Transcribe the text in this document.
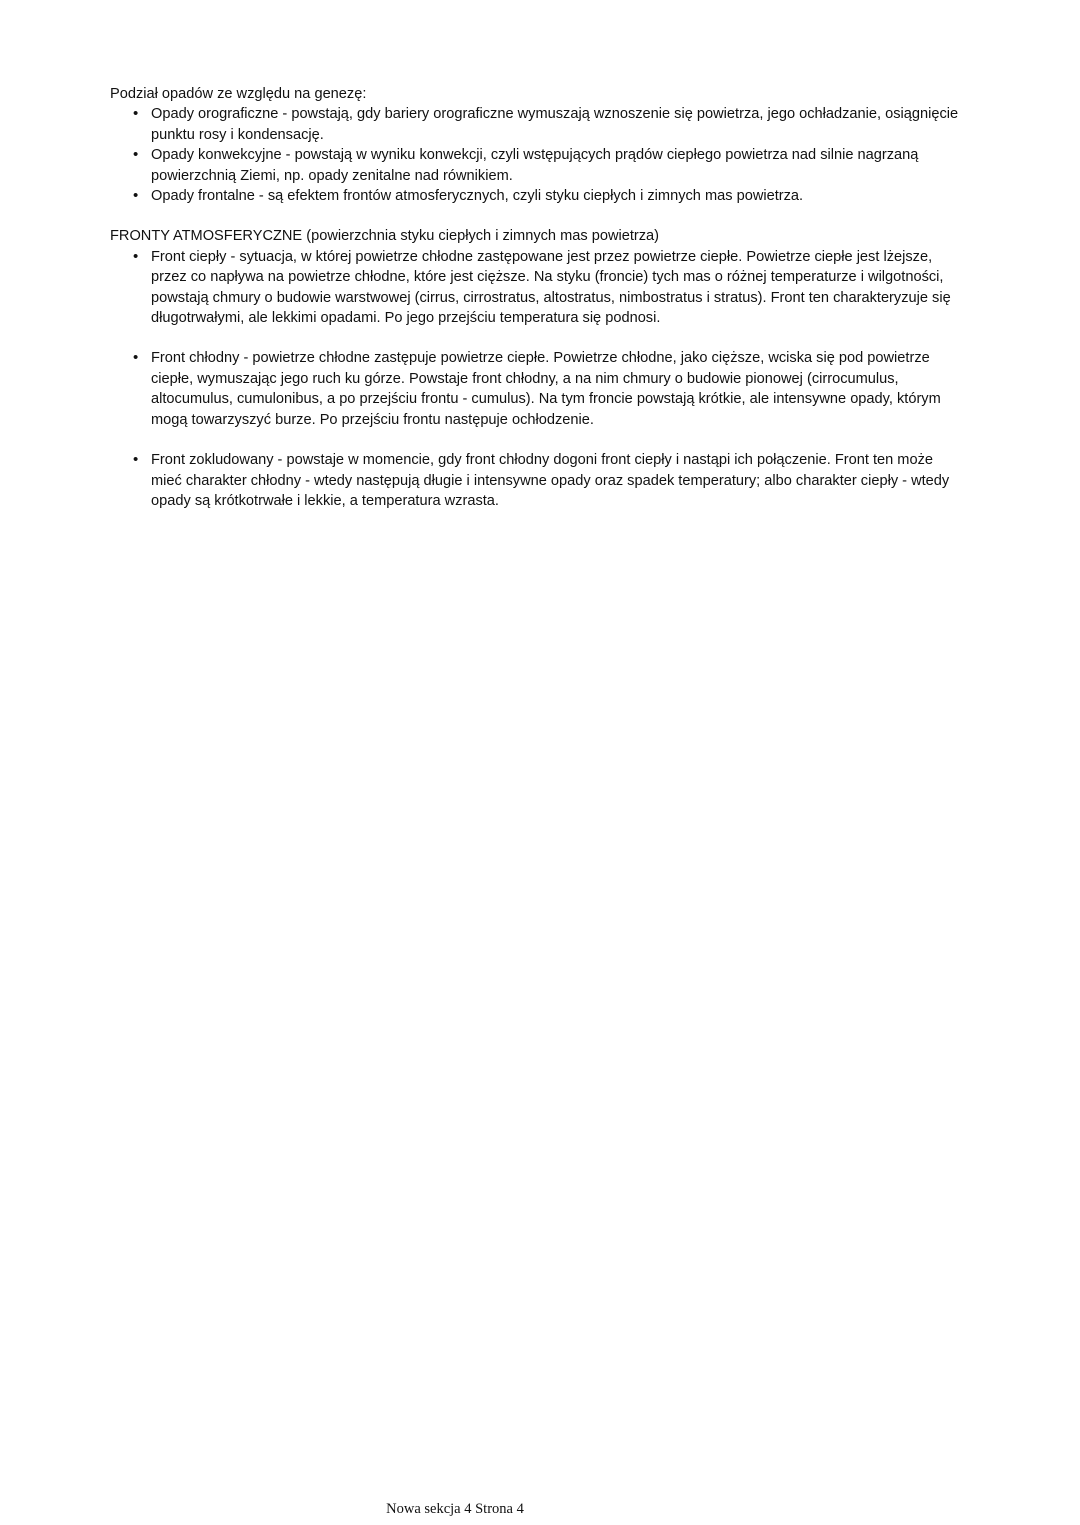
Podział opadów ze względu na genezę:

• Opady orograficzne - powstają, gdy bariery orograficzne wymuszają wznoszenie się powietrza, jego ochładzanie, osiągnięcie punktu rosy i kondensację.
• Opady konwekcyjne - powstają w wyniku konwekcji, czyli wstępujących prądów ciepłego powietrza nad silnie nagrzaną powierzchnią Ziemi, np. opady zenitalne nad równikiem.
• Opady frontalne - są efektem frontów atmosferycznych, czyli styku ciepłych i zimnych mas powietrza.

FRONTY ATMOSFERYCZNE (powierzchnia styku ciepłych i zimnych mas powietrza)

• Front ciepły - sytuacja, w której powietrze chłodne zastępowane jest przez powietrze ciepłe. Powietrze ciepłe jest lżejsze, przez co napływa na powietrze chłodne, które jest cięższe. Na styku (froncie) tych mas o różnej temperaturze i wilgotności, powstają chmury o budowie warstwowej (cirrus, cirrostratus, altostratus, nimbostratus i stratus). Front ten charakteryzuje się długotrwałymi, ale lekkimi opadami. Po jego przejściu temperatura się podnosi.
• Front chłodny - powietrze chłodne zastępuje powietrze ciepłe. Powietrze chłodne, jako cięższe, wciska się pod powietrze ciepłe, wymuszając jego ruch ku górze. Powstaje front chłodny, a na nim chmury o budowie pionowej (cirrocumulus, altocumulus, cumulonibus, a po przejściu frontu - cumulus). Na tym froncie powstają krótkie, ale intensywne opady, którym mogą towarzyszyć burze. Po przejściu frontu następuje ochłodzenie.
• Front zokludowany - powstaje w momencie, gdy front chłodny dogoni front ciepły i nastąpi ich połączenie. Front ten może mieć charakter chłodny - wtedy następują długie i intensywne opady oraz spadek temperatury; albo charakter ciepły - wtedy opady są krótkotrwałe i lekkie, a temperatura wzrasta.
Nowa sekcja 4 Strona 4
